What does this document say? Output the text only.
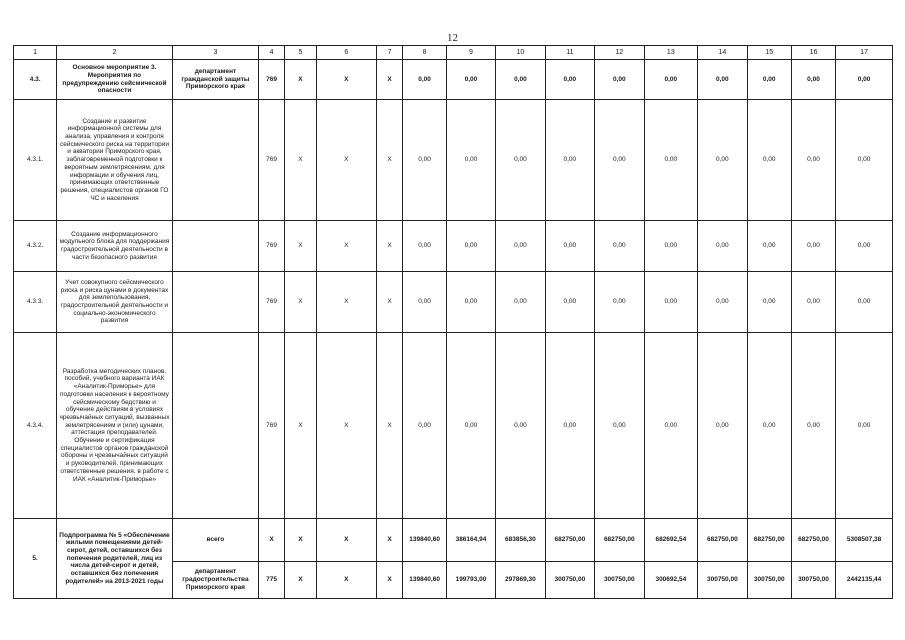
12
1	2	3	4	5	6	7	8	9	10	11	12	13	14	15	16	17
4.3.	Основное мероприятие 3. Мероприятия по предупреждению сейсмической опасности	департамент гражданской защиты Приморского края	769	X	X	X	0,00	0,00	0,00	0,00	0,00	0,00	0,00	0,00	0,00	0,00
4.3.1.	Создание и развитие информационной системы для анализа, управления и контроля сейсмического риска на территории и акватории Приморского края, заблаговременной подготовки к вероятным землетрясениям, для информации и обучения лиц, принимающих ответственные решения, специалистов органов ГО ЧС и населения		769	X	X	X	0,00	0,00	0,00	0,00	0,00	0,00	0,00	0,00	0,00	0,00
4.3.2.	Создание информационного модульного блока для поддержания градостроительной деятельности в части безопасного развития		769	X	X	X	0,00	0,00	0,00	0,00	0,00	0,00	0,00	0,00	0,00	0,00
4.3.3.	Учет совокупного сейсмического риска и риска цунами в документах для землепользования, градостроительной деятельности и социально-экономического развития		769	X	X	X	0,00	0,00	0,00	0,00	0,00	0,00	0,00	0,00	0,00	0,00
4.3.4.	Разработка методических планов, пособий, учебного варианта ИАК «Аналитик-Приморье» для подготовки населения к вероятному сейсмическому бедствию и обучение действиям в условиях чрезвычайных ситуаций, вызванных землетрясением и (или) цунами, аттестация преподавателей. Обучение и сертификация специалистов органов гражданской обороны и чрезвычайных ситуаций и руководителей, принимающих ответственные решения, в работе с ИАК «Аналитик-Приморье»		769	X	X	X	0,00	0,00	0,00	0,00	0,00	0,00	0,00	0,00	0,00	0,00
5.	Подпрограмма № 5 «Обеспечение жилыми помещениями детей-сирот, детей, оставшихся без попечения родителей, лиц из числа детей-сирот и детей, оставшихся без попечения родителей» на 2013-2021 годы	всего	X	X	X	X	139840,60	386164,94	683856,30	682750,00	682750,00	682692,54	682750,00	682750,00	682750,00	5308507,38
		департамент градостроительства Приморского края	775	X	X	X	139840,60	199793,00	297869,30	300750,00	300750,00	300692,54	300750,00	300750,00	300750,00	2442135,44
